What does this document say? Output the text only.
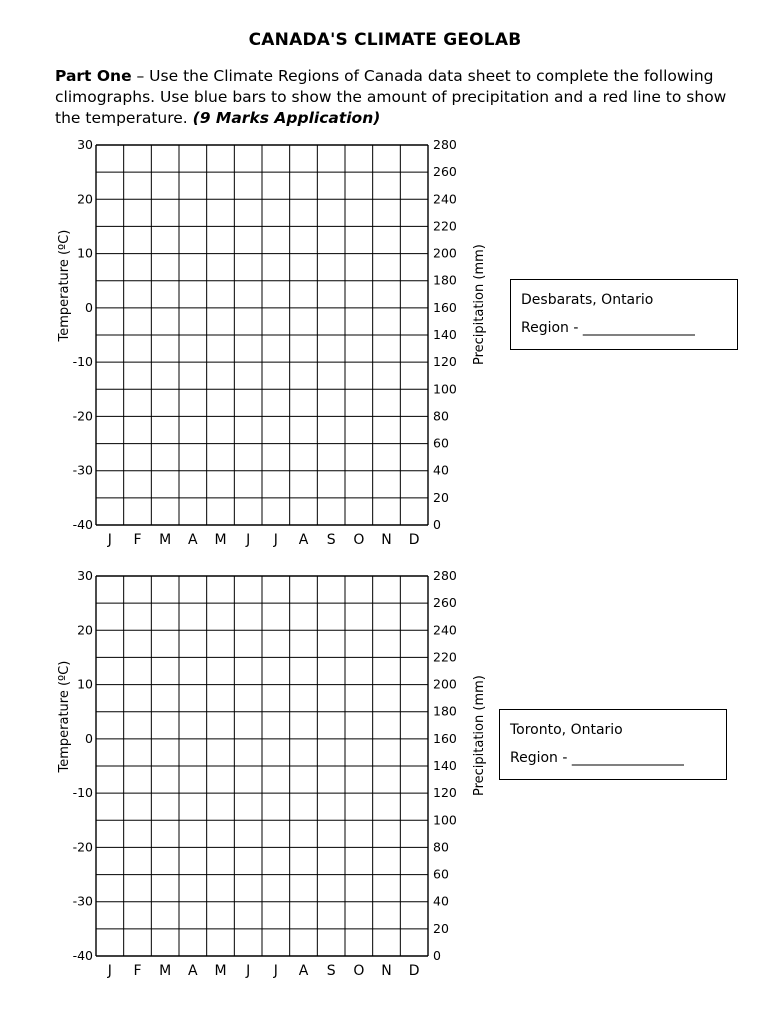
CANADA'S CLIMATE GEOLAB
Part One – Use the Climate Regions of Canada data sheet to complete the following climographs. Use blue bars to show the amount of precipitation and a red line to show the temperature. (9 Marks Application)
30
20
10
0
-10
-20
-30
-40
280
260
240
220
200
180
160
140
120
100
80
60
40
20
0
J F M A M J J A S O N D
Temperature (ºC)	Precipitation (mm) Desbarats, Ontario
Region - ________________
30
20
10
0
-10
-20
-30
-40
280
260
240
220
200
180
160
140
120
100
80
60
40
20
0
J F M A M J J A S O N D
Temperature (ºC)	Precipitation (mm) Toronto, Ontario
Region - ________________
